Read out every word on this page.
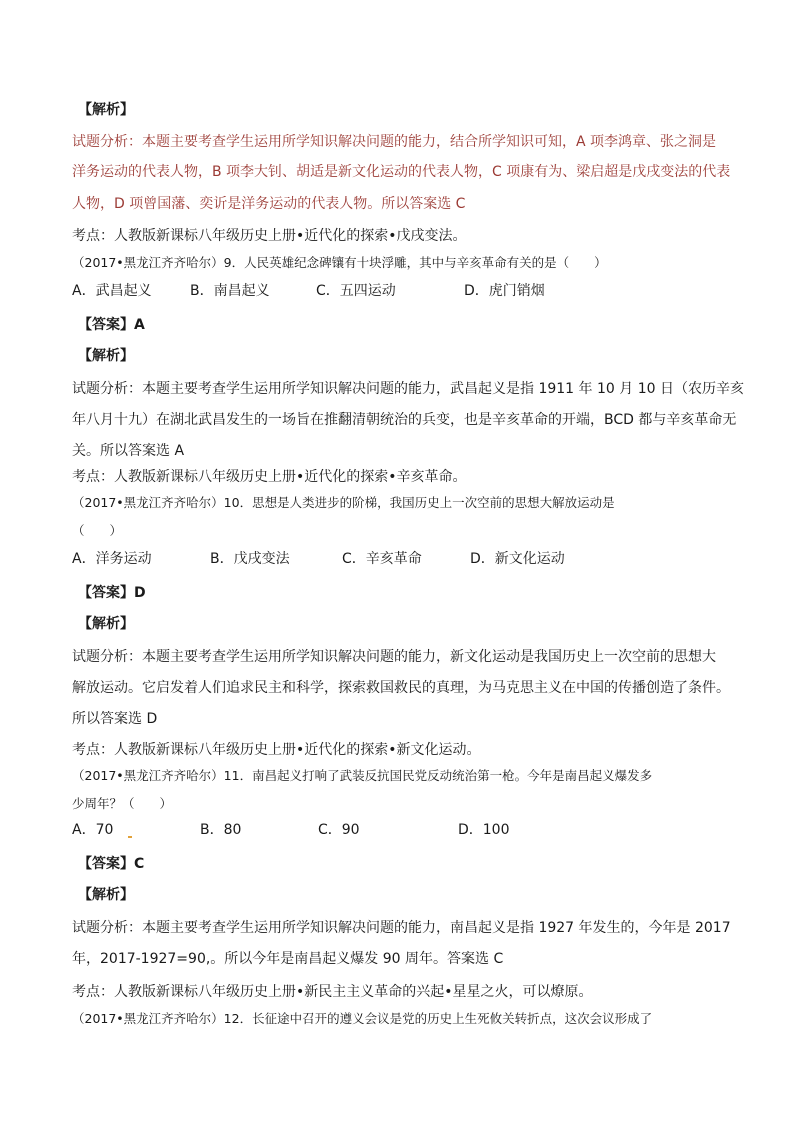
【解析】
试题分析：本题主要考查学生运用所学知识解决问题的能力，结合所学知识可知，A 项李鸿章、张之洞是
洋务运动的代表人物，B 项李大钊、胡适是新文化运动的代表人物，C 项康有为、梁启超是戊戌变法的代表
人物，D 项曾国藩、奕䜣是洋务运动的代表人物。所以答案选 C
考点：人教版新课标八年级历史上册•近代化的探索•戊戌变法。
（2017•黑龙江齐齐哈尔）9．人民英雄纪念碑镶有十块浮雕，其中与辛亥革命有关的是（　　）
A．武昌起义	B．南昌起义	C．五四运动	D．虎门销烟
【答案】A
【解析】
试题分析：本题主要考查学生运用所学知识解决问题的能力，武昌起义是指 1911 年 10 月 10 日（农历辛亥
年八月十九）在湖北武昌发生的一场旨在推翻清朝统治的兵变，也是辛亥革命的开端，BCD 都与辛亥革命无
关。所以答案选 A
考点：人教版新课标八年级历史上册•近代化的探索•辛亥革命。
（2017•黑龙江齐齐哈尔）10．思想是人类进步的阶梯，我国历史上一次空前的思想大解放运动是
（　　）
A．洋务运动	B．戊戌变法	C．辛亥革命	D．新文化运动
【答案】D
【解析】
试题分析：本题主要考查学生运用所学知识解决问题的能力，新文化运动是我国历史上一次空前的思想大
解放运动。它启发着人们追求民主和科学，探索救国救民的真理，为马克思主义在中国的传播创造了条件。
所以答案选 D
考点：人教版新课标八年级历史上册•近代化的探索•新文化运动。
（2017•黑龙江齐齐哈尔）11．南昌起义打响了武装反抗国民党反动统治第一枪。今年是南昌起义爆发多
少周年？（　　）
A．70	B．80	C．90	D．100
【答案】C
【解析】
试题分析：本题主要考查学生运用所学知识解决问题的能力，南昌起义是指 1927 年发生的，今年是 2017
年，2017-1927=90,。所以今年是南昌起义爆发 90 周年。答案选 C
考点：人教版新课标八年级历史上册•新民主主义革命的兴起•星星之火，可以燎原。
（2017•黑龙江齐齐哈尔）12．长征途中召开的遵义会议是党的历史上生死攸关转折点，这次会议形成了
